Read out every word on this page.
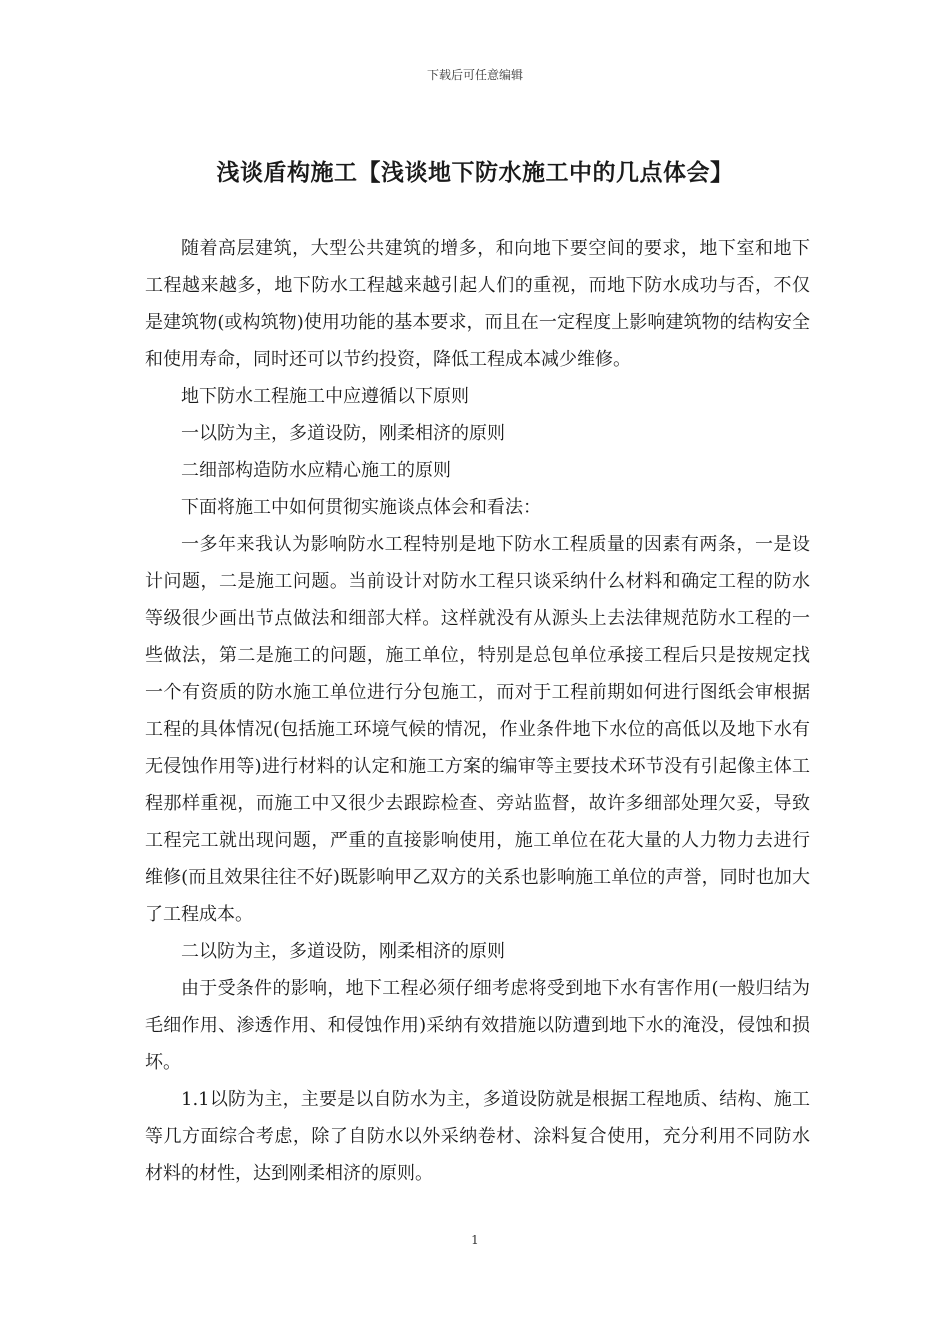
下载后可任意编辑
浅谈盾构施工【浅谈地下防水施工中的几点体会】

随着高层建筑，大型公共建筑的增多，和向地下要空间的要求，地下室和地下工程越来越多，地下防水工程越来越引起人们的重视，而地下防水成功与否，不仅是建筑物(或构筑物)使用功能的基本要求，而且在一定程度上影响建筑物的结构安全和使用寿命，同时还可以节约投资，降低工程成本减少维修。

地下防水工程施工中应遵循以下原则

一以防为主，多道设防，刚柔相济的原则

二细部构造防水应精心施工的原则

下面将施工中如何贯彻实施谈点体会和看法：

一多年来我认为影响防水工程特别是地下防水工程质量的因素有两条，一是设计问题，二是施工问题。当前设计对防水工程只谈采纳什么材料和确定工程的防水等级很少画出节点做法和细部大样。这样就没有从源头上去法律规范防水工程的一些做法，第二是施工的问题，施工单位，特别是总包单位承接工程后只是按规定找一个有资质的防水施工单位进行分包施工，而对于工程前期如何进行图纸会审根据工程的具体情况(包括施工环境气候的情况，作业条件地下水位的高低以及地下水有无侵蚀作用等)进行材料的认定和施工方案的编审等主要技术环节没有引起像主体工程那样重视，而施工中又很少去跟踪检查、旁站监督，故许多细部处理欠妥，导致工程完工就出现问题，严重的直接影响使用，施工单位在花大量的人力物力去进行维修(而且效果往往不好)既影响甲乙双方的关系也影响施工单位的声誉，同时也加大了工程成本。

二以防为主，多道设防，刚柔相济的原则

由于受条件的影响，地下工程必须仔细考虑将受到地下水有害作用(一般归结为毛细作用、渗透作用、和侵蚀作用)采纳有效措施以防遭到地下水的淹没，侵蚀和损坏。

1.1以防为主，主要是以自防水为主，多道设防就是根据工程地质、结构、施工等几方面综合考虑，除了自防水以外采纳卷材、涂料复合使用，充分利用不同防水材料的材性，达到刚柔相济的原则。

1
